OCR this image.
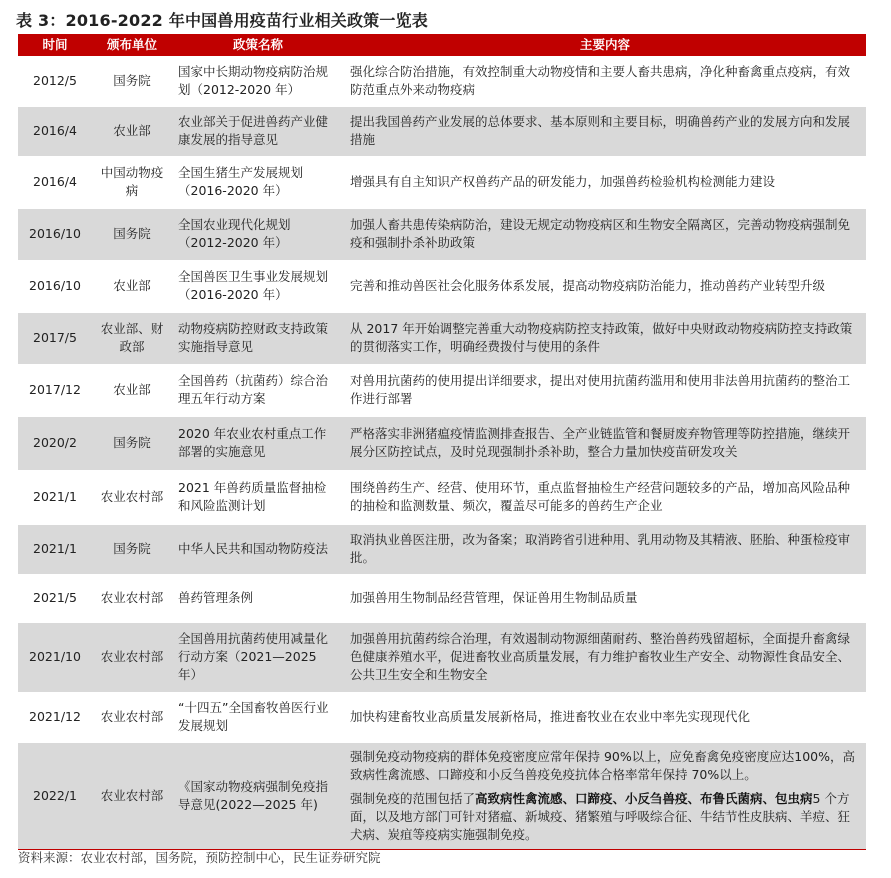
表 3：2016-2022 年中国兽用疫苗行业相关政策一览表
时间	颁布单位	政策名称	主要内容
2012/5	国务院	国家中长期动物疫病防治规划（2012-2020 年）	强化综合防治措施，有效控制重大动物疫情和主要人畜共患病，净化种畜禽重点疫病，有效防范重点外来动物疫病
2016/4	农业部	农业部关于促进兽药产业健康发展的指导意见	提出我国兽药产业发展的总体要求、基本原则和主要目标，明确兽药产业的发展方向和发展措施
2016/4	中国动物疫病	全国生猪生产发展规划（2016-2020 年）	增强具有自主知识产权兽药产品的研发能力，加强兽药检验机构检测能力建设
2016/10	国务院	全国农业现代化规划（2012-2020 年）	加强人畜共患传染病防治，建设无规定动物疫病区和生物安全隔离区，完善动物疫病强制免疫和强制扑杀补助政策
2016/10	农业部	全国兽医卫生事业发展规划（2016-2020 年）	完善和推动兽医社会化服务体系发展，提高动物疫病防治能力，推动兽药产业转型升级
2017/5	农业部、财政部	动物疫病防控财政支持政策实施指导意见	从 2017 年开始调整完善重大动物疫病防控支持政策，做好中央财政动物疫病防控支持政策的贯彻落实工作，明确经费拨付与使用的条件
2017/12	农业部	全国兽药（抗菌药）综合治理五年行动方案	对兽用抗菌药的使用提出详细要求，提出对使用抗菌药滥用和使用非法兽用抗菌药的整治工作进行部署
2020/2	国务院	2020 年农业农村重点工作部署的实施意见	严格落实非洲猪瘟疫情监测排查报告、全产业链监管和餐厨废弃物管理等防控措施，继续开展分区防控试点，及时兑现强制扑杀补助，整合力量加快疫苗研发攻关
2021/1	农业农村部	2021 年兽药质量监督抽检和风险监测计划	围绕兽药生产、经营、使用环节，重点监督抽检生产经营问题较多的产品，增加高风险品种的抽检和监测数量、频次，覆盖尽可能多的兽药生产企业
2021/1	国务院	中华人民共和国动物防疫法	取消执业兽医注册，改为备案；取消跨省引进种用、乳用动物及其精液、胚胎、种蛋检疫审批。
2021/5	农业农村部	兽药管理条例	加强兽用生物制品经营管理，保证兽用生物制品质量
2021/10	农业农村部	全国兽用抗菌药使用减量化行动方案（2021—2025 年）	加强兽用抗菌药综合治理，有效遏制动物源细菌耐药、整治兽药残留超标，全面提升畜禽绿色健康养殖水平，促进畜牧业高质量发展，有力维护畜牧业生产安全、动物源性食品安全、公共卫生安全和生物安全
2021/12	农业农村部	“十四五”全国畜牧兽医行业发展规划	加快构建畜牧业高质量发展新格局，推进畜牧业在农业中率先实现现代化
2022/1	农业农村部	《国家动物疫病强制免疫指导意见(2022—2025 年)	强制免疫动物疫病的群体免疫密度应常年保持 90%以上，应免畜禽免疫密度应达100%，高致病性禽流感、口蹄疫和小反刍兽疫免疫抗体合格率常年保持 70%以上。
强制免疫的范围包括了高致病性禽流感、口蹄疫、小反刍兽疫、布鲁氏菌病、包虫病5 个方面，以及地方部门可针对猪瘟、新城疫、猪繁殖与呼吸综合征、牛结节性皮肤病、羊痘、狂犬病、炭疽等疫病实施强制免疫。
资料来源：农业农村部，国务院，预防控制中心，民生证券研究院
